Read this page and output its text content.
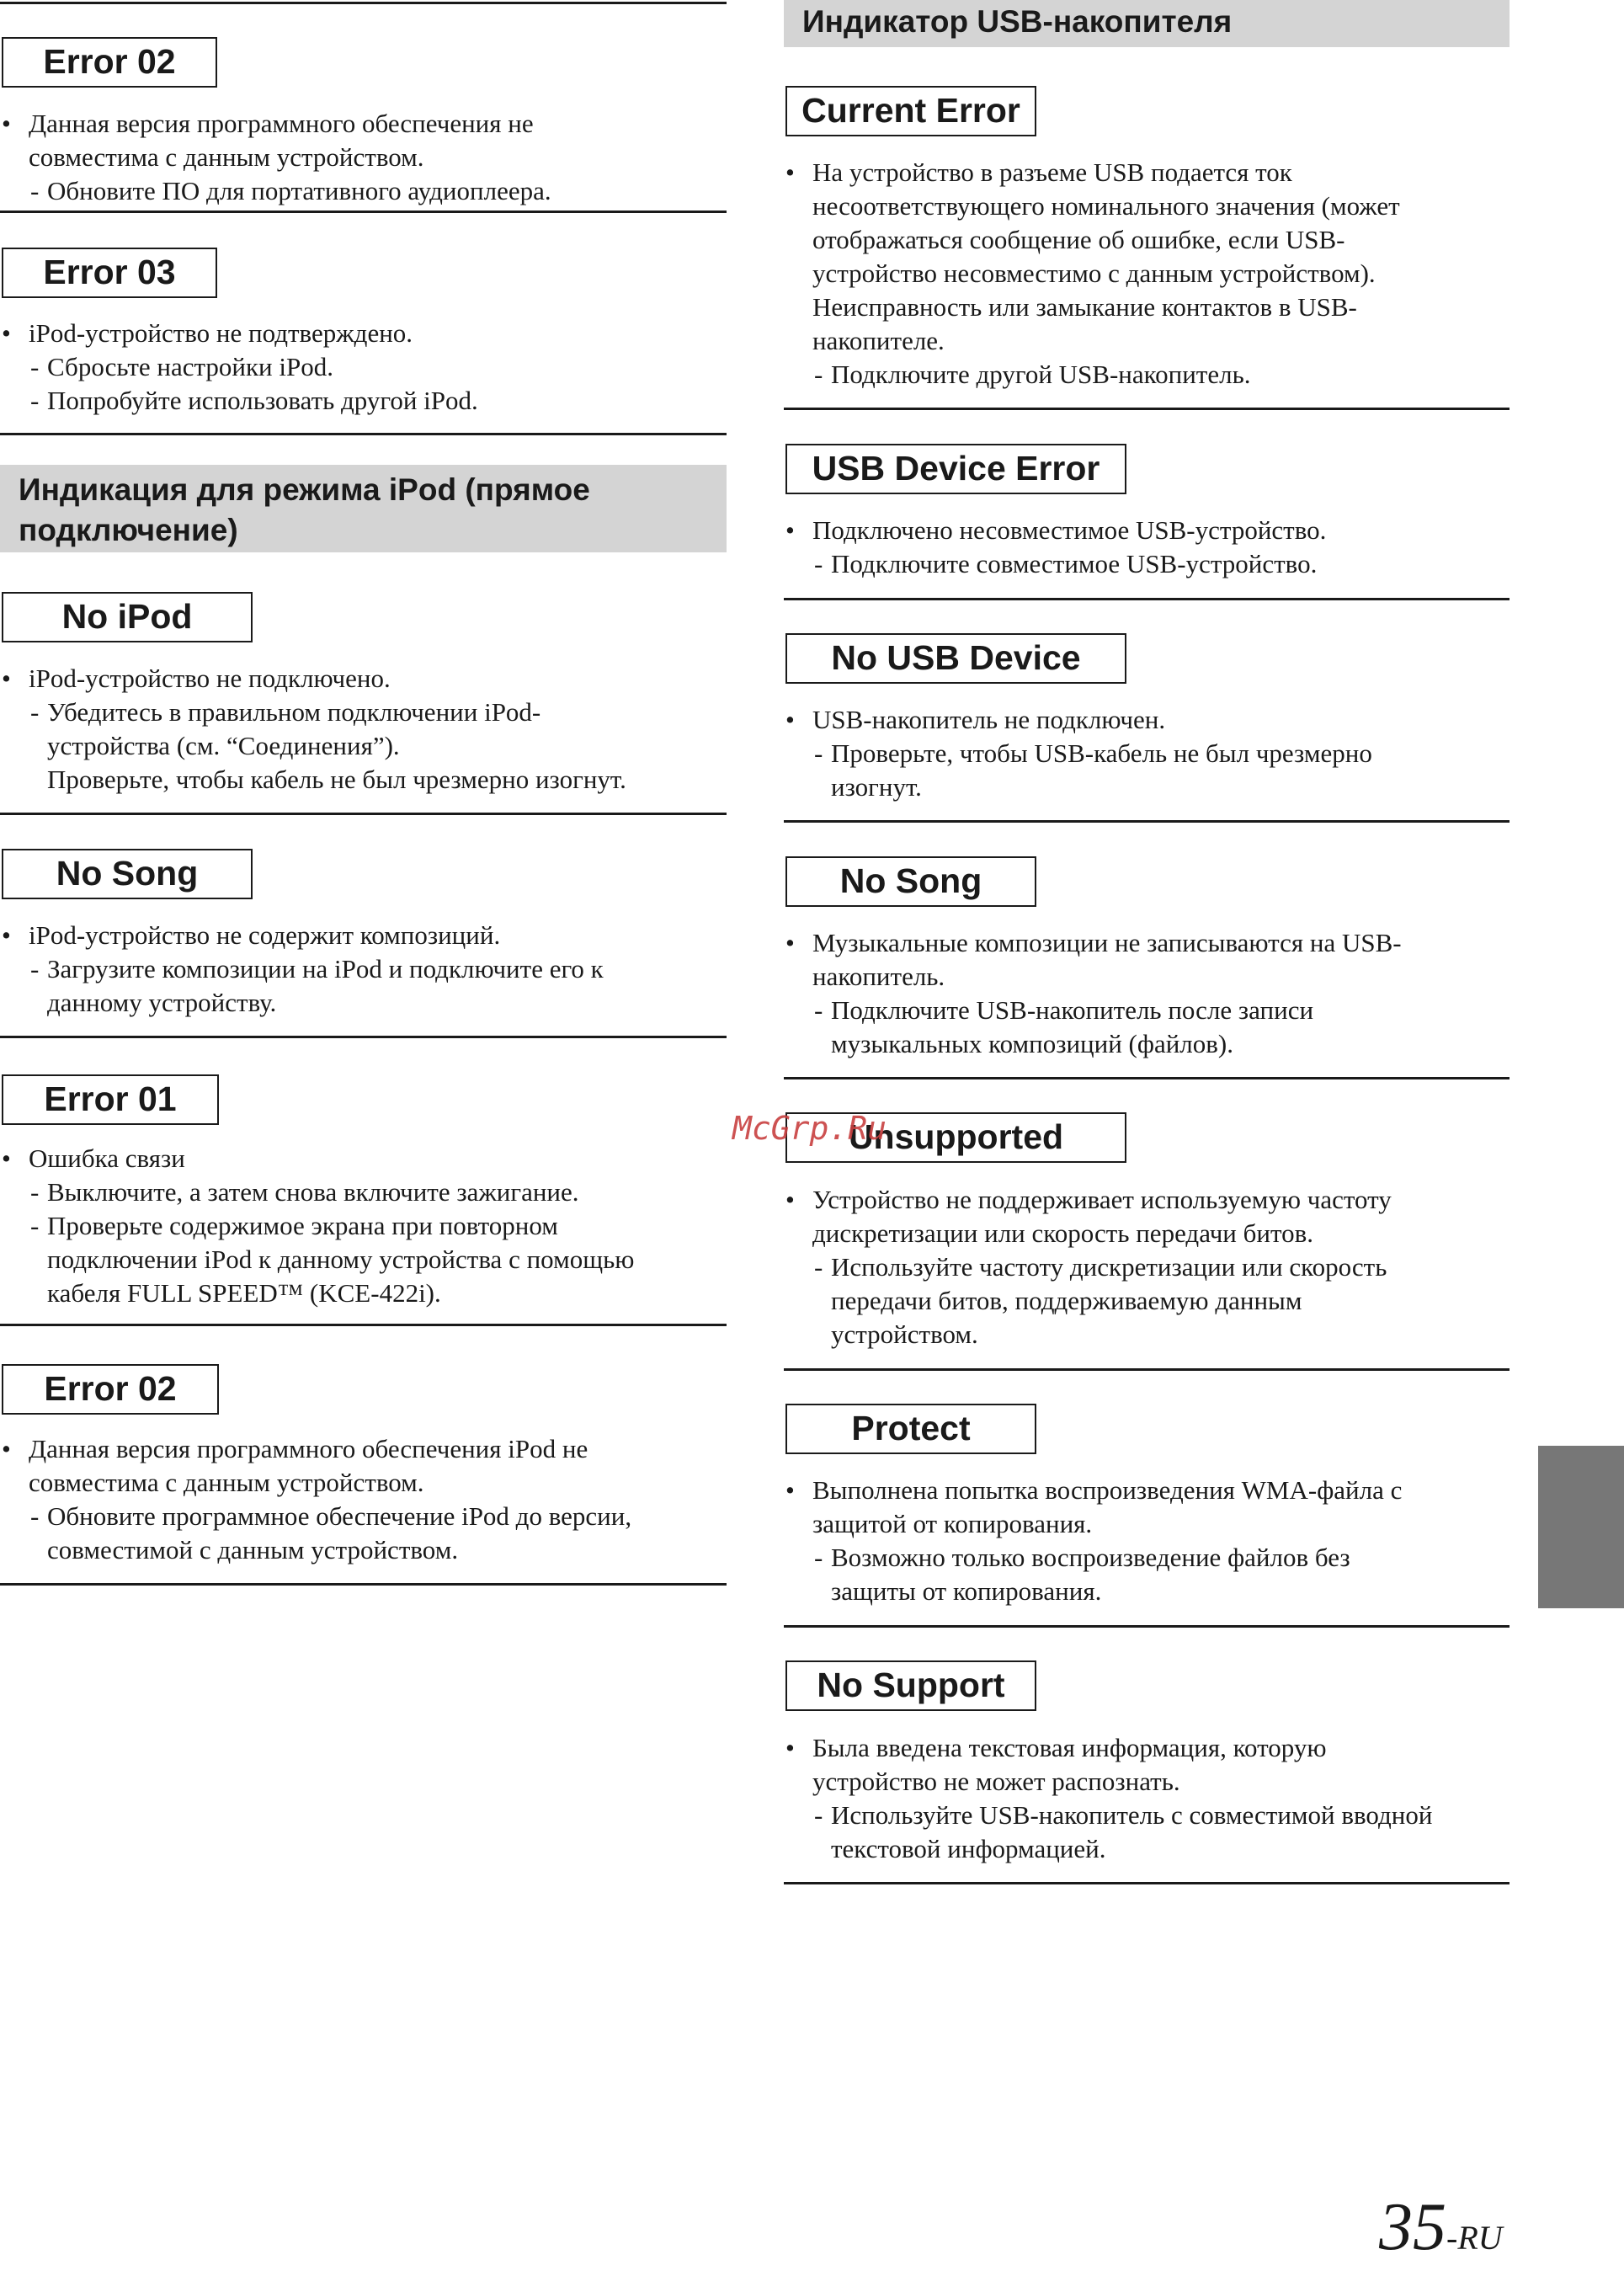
Error 02
• Данная версия программного обеспечения не
совместима с данным устройством.
- Обновите ПО для портативного аудиоплеера.
Error 03
• iPod-устройство не подтверждено.
- Сбросьте настройки iPod.
- Попробуйте использовать другой iPod.
Индикация для режима iPod (прямое
подключение)
No iPod
• iPod-устройство не подключено.
- Убедитесь в правильном подключении iPod-
устройства (см. “Соединения”).
Проверьте, чтобы кабель не был чрезмерно изогнут.
No Song
• iPod-устройство не содержит композиций.
- Загрузите композиции на iPod и подключите его к
данному устройству.
Error 01
• Ошибка связи
- Выключите, а затем снова включите зажигание.
- Проверьте содержимое экрана при повторном
подключении iPod к данному устройства с помощью
кабеля FULL SPEED™ (KCE-422i).
Error 02
• Данная версия программного обеспечения iPod не
совместима с данным устройством.
- Обновите программное обеспечение iPod до версии,
совместимой с данным устройством.
Индикатор USB-накопителя
Current Error
• На устройство в разъеме USB подается ток
несоответствующего номинального значения (может
отображаться сообщение об ошибке, если USB-
устройство несовместимо с данным устройством).
Неисправность или замыкание контактов в USB-
накопителе.
- Подключите другой USB-накопитель.
USB Device Error
• Подключено несовместимое USB-устройство.
- Подключите совместимое USB-устройство.
No USB Device
• USB-накопитель не подключен.
- Проверьте, чтобы USB-кабель не был чрезмерно
изогнут.
No Song
• Музыкальные композиции не записываются на USB-
накопитель.
- Подключите USB-накопитель после записи
музыкальных композиций (файлов).
Unsupported
• Устройство не поддерживает используемую частоту
дискретизации или скорость передачи битов.
- Используйте частоту дискретизации или скорость
передачи битов, поддерживаемую данным
устройством.
Protect
• Выполнена попытка воспроизведения WMA-файла с
защитой от копирования.
- Возможно только воспроизведение файлов без
защиты от копирования.
No Support
• Была введена текстовая информация, которую
устройство не может распознать.
- Используйте USB-накопитель с совместимой вводной
текстовой информацией.
McGrp.Ru
35-RU
